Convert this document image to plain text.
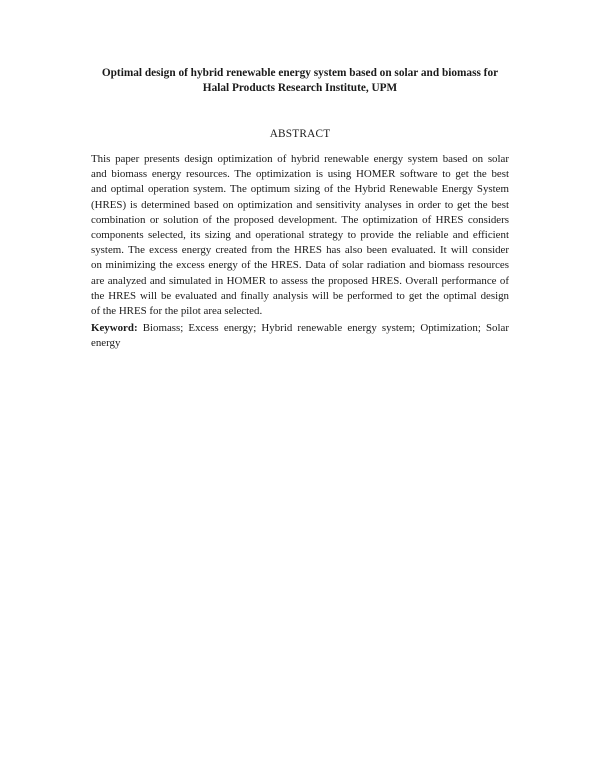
Optimal design of hybrid renewable energy system based on solar and biomass for
Halal Products Research Institute, UPM
ABSTRACT

This paper presents design optimization of hybrid renewable energy system based on solar
and biomass energy resources. The optimization is using HOMER software to get the best
and optimal operation system. The optimum sizing of the Hybrid Renewable Energy System
(HRES) is determined based on optimization and sensitivity analyses in order to get the best
combination or solution of the proposed development. The optimization of HRES considers
components selected, its sizing and operational strategy to provide the reliable and efficient
system. The excess energy created from the HRES has also been evaluated. It will consider
on minimizing the excess energy of the HRES. Data of solar radiation and biomass resources
are analyzed and simulated in HOMER to assess the proposed HRES. Overall performance of
the HRES will be evaluated and finally analysis will be performed to get the optimal design
of the HRES for the pilot area selected.

Keyword: Biomass; Excess energy; Hybrid renewable energy system; Optimization; Solar
energy
